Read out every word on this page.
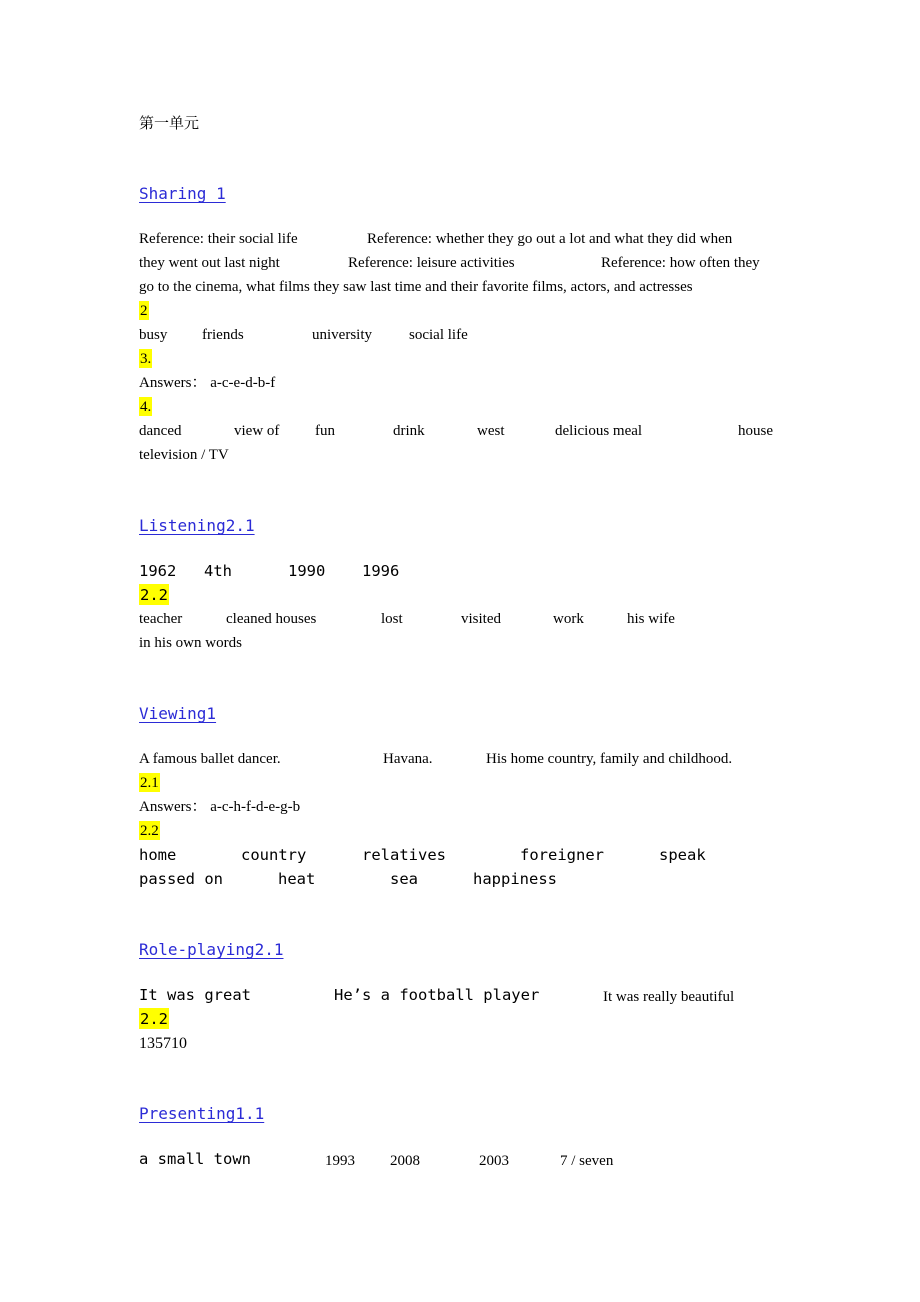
第一单元
Sharing 1
Reference: their social life	Reference: whether they go out a lot and what they did when
they went out last night	Reference: leisure activities	Reference: how often they
go to the cinema, what films they saw last time and their favorite films, actors, and actresses
2
busy friends	university social life
3.
Answers： a-c-e-d-b-f
4.
danced	view of fun	drink	west	delicious meal	house
television / TV
Listening2.1
1962 4th	1990 1996
2.2
teacher	cleaned houses	lost	visited	work	his wife
in his own words
Viewing1
A famous ballet dancer.	Havana.	His home country, family and childhood.
2.1
Answers： a-c-h-f-d-e-g-b
2.2
home	country	relatives	foreigner	speak
passed on	heat	sea	happiness
Role-playing2.1
It was great	He’s a football player	It was really beautiful
2.2
135710
Presenting1.1
a small town	1993 2008	2003	7 / seven
